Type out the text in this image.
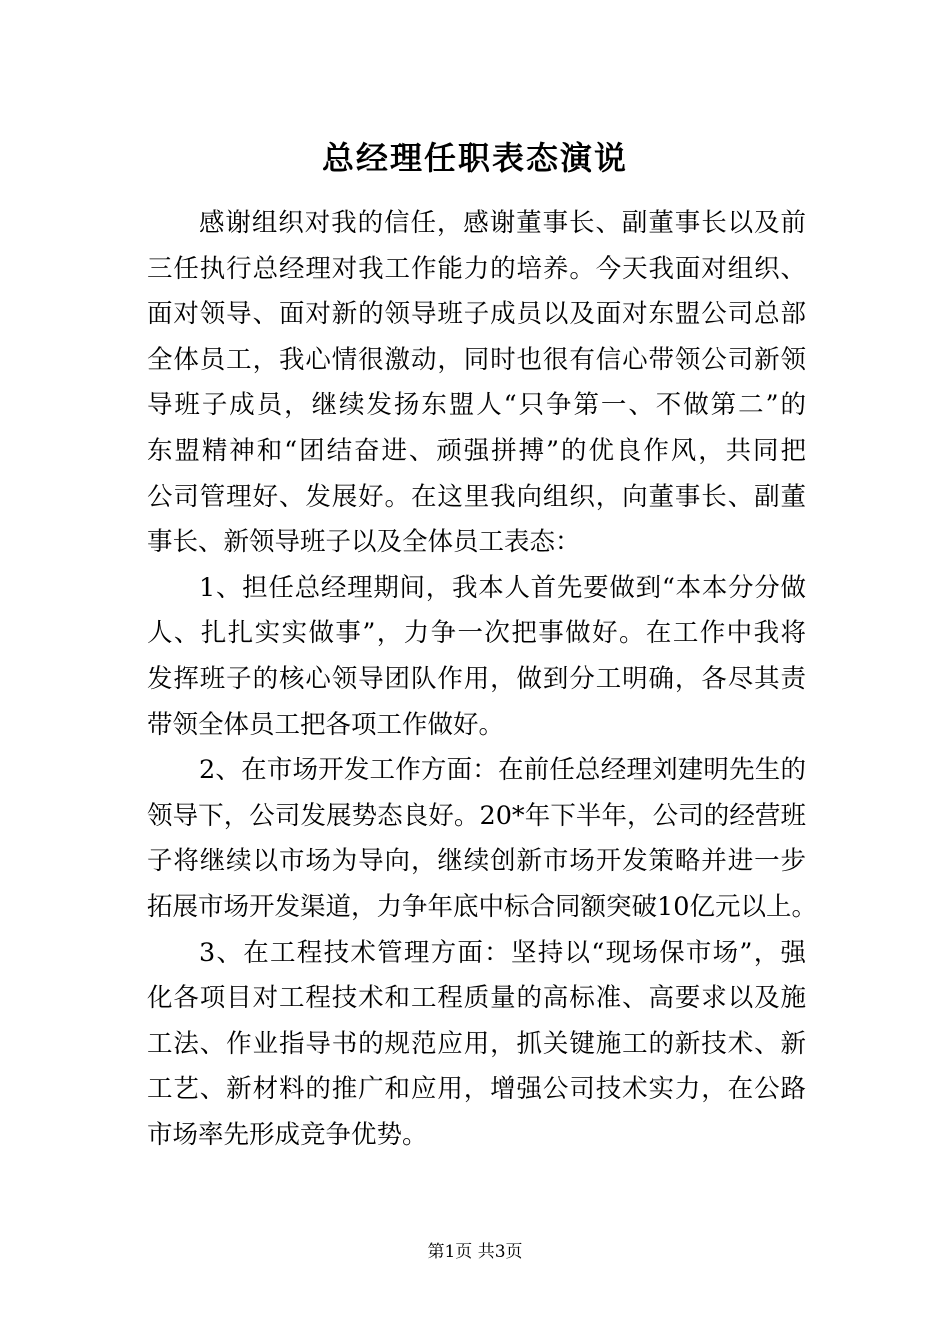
总经理任职表态演说
感谢组织对我的信任，感谢董事长、副董事长以及前
三任执行总经理对我工作能力的培养。今天我面对组织、
面对领导、面对新的领导班子成员以及面对东盟公司总部
全体员工，我心情很激动，同时也很有信心带领公司新领
导班子成员，继续发扬东盟人“只争第一、不做第二”的
东盟精神和“团结奋进、顽强拼搏”的优良作风，共同把
公司管理好、发展好。在这里我向组织，向董事长、副董
事长、新领导班子以及全体员工表态：
1、担任总经理期间，我本人首先要做到“本本分分做
人、扎扎实实做事”，力争一次把事做好。在工作中我将
发挥班子的核心领导团队作用，做到分工明确，各尽其责
带领全体员工把各项工作做好。
2、在市场开发工作方面：在前任总经理刘建明先生的
领导下，公司发展势态良好。20*年下半年，公司的经营班
子将继续以市场为导向，继续创新市场开发策略并进一步
拓展市场开发渠道，力争年底中标合同额突破10亿元以上。
3、在工程技术管理方面：坚持以“现场保市场”，强
化各项目对工程技术和工程质量的高标准、高要求以及施
工法、作业指导书的规范应用，抓关键施工的新技术、新
工艺、新材料的推广和应用，增强公司技术实力，在公路
市场率先形成竞争优势。
第1页 共3页
